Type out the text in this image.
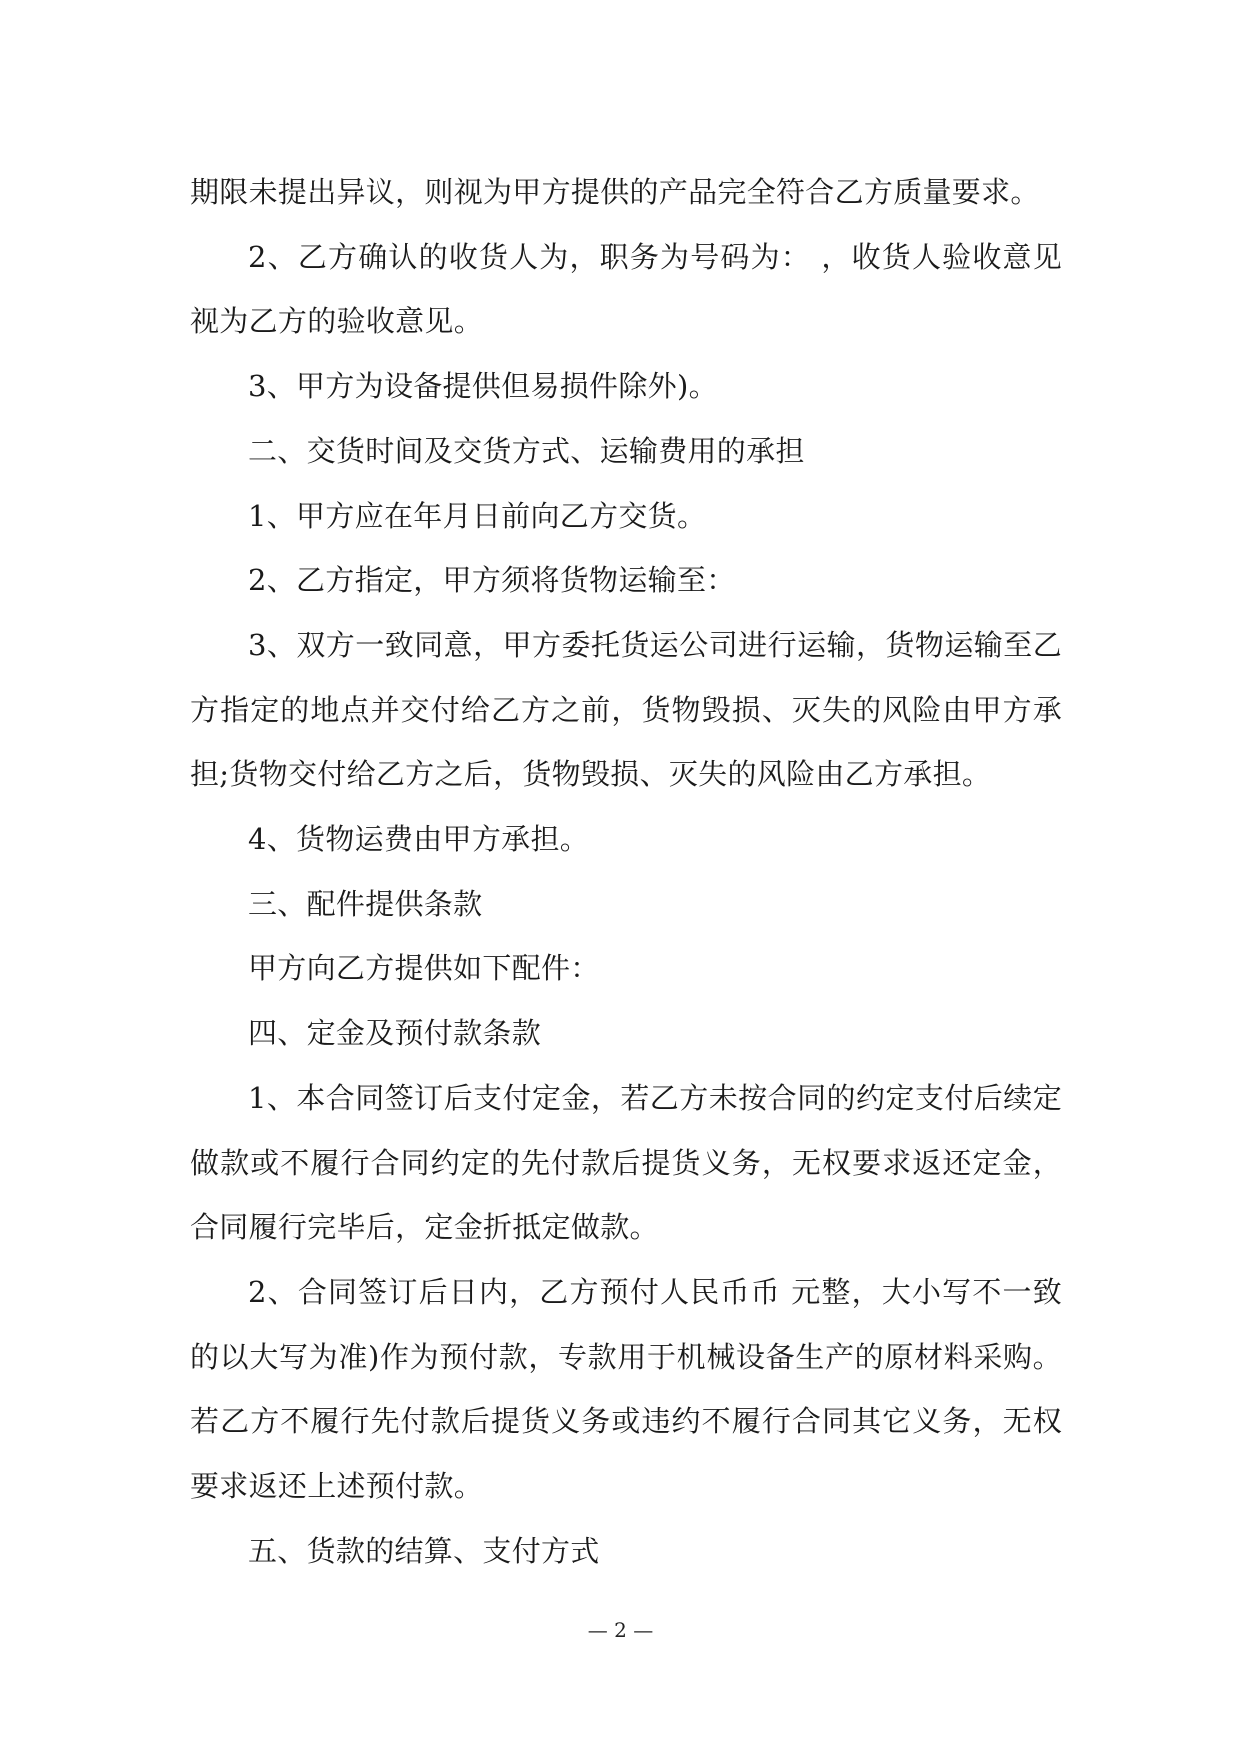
期限未提出异议，则视为甲方提供的产品完全符合乙方质量要求。

2、乙方确认的收货人为，职务为号码为： ，收货人验收意见视为乙方的验收意见。

3、甲方为设备提供但易损件除外)。

二、交货时间及交货方式、运输费用的承担

1、甲方应在年月日前向乙方交货。

2、乙方指定，甲方须将货物运输至：

3、双方一致同意，甲方委托货运公司进行运输，货物运输至乙方指定的地点并交付给乙方之前，货物毁损、灭失的风险由甲方承担;货物交付给乙方之后，货物毁损、灭失的风险由乙方承担。

4、货物运费由甲方承担。

三、配件提供条款

甲方向乙方提供如下配件：

四、定金及预付款条款

1、本合同签订后支付定金，若乙方未按合同的约定支付后续定做款或不履行合同约定的先付款后提货义务，无权要求返还定金，合同履行完毕后，定金折抵定做款。

2、合同签订后日内，乙方预付人民币币 元整，大小写不一致的以大写为准)作为预付款，专款用于机械设备生产的原材料采购。若乙方不履行先付款后提货义务或违约不履行合同其它义务，无权要求返还上述预付款。

五、货款的结算、支付方式

— 2 —
